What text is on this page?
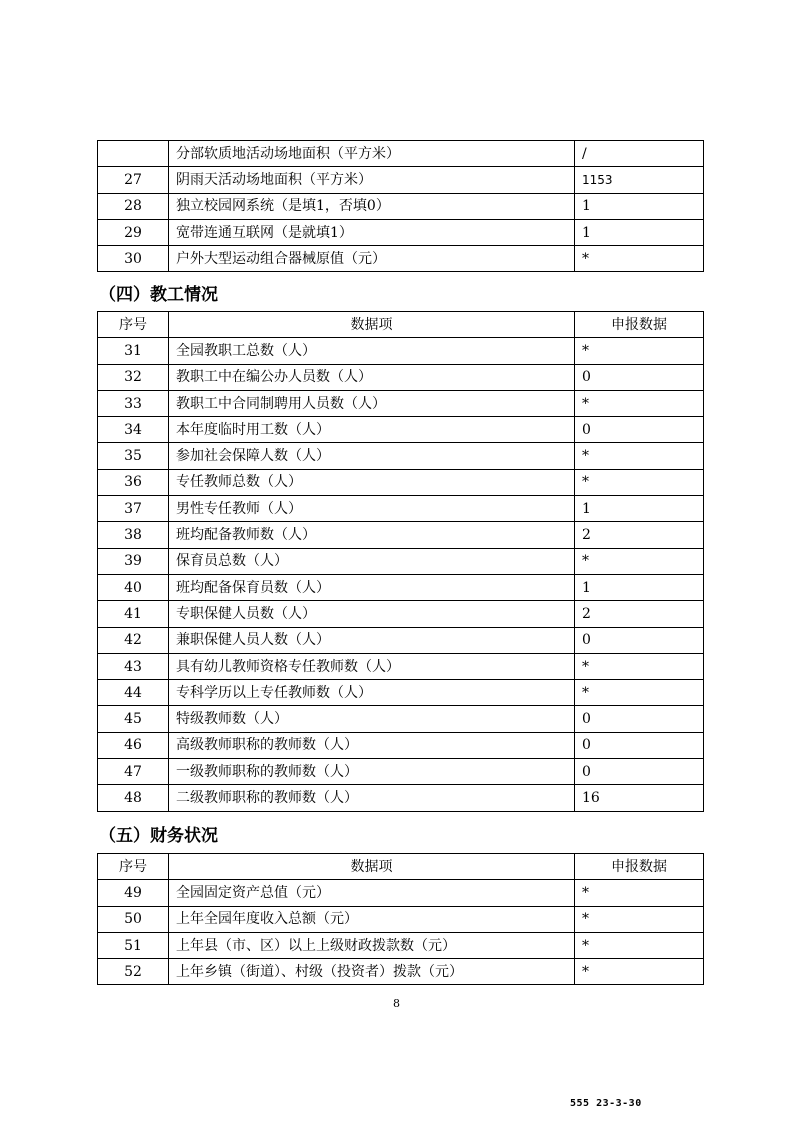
	分部软质地活动场地面积（平方米）	/
27	阴雨天活动场地面积（平方米）	1153
28	独立校园网系统（是填1，否填0）	1
29	宽带连通互联网（是就填1）	1
30	户外大型运动组合器械原值（元）	*
（四）教工情况
序号	数据项	申报数据
31	全园教职工总数（人）	*
32	教职工中在编公办人员数（人）	0
33	教职工中合同制聘用人员数（人）	*
34	本年度临时用工数（人）	0
35	参加社会保障人数（人）	*
36	专任教师总数（人）	*
37	男性专任教师（人）	1
38	班均配备教师数（人）	2
39	保育员总数（人）	*
40	班均配备保育员数（人）	1
41	专职保健人员数（人）	2
42	兼职保健人员人数（人）	0
43	具有幼儿教师资格专任教师数（人）	*
44	专科学历以上专任教师数（人）	*
45	特级教师数（人）	0
46	高级教师职称的教师数（人）	0
47	一级教师职称的教师数（人）	0
48	二级教师职称的教师数（人）	16
（五）财务状况
序号	数据项	申报数据
49	全园固定资产总值（元）	*
50	上年全园年度收入总额（元）	*
51	上年县（市、区）以上上级财政拨款数（元）	*
52	上年乡镇（街道）、村级（投资者）拨款（元）	*
8
555 23-3-30
